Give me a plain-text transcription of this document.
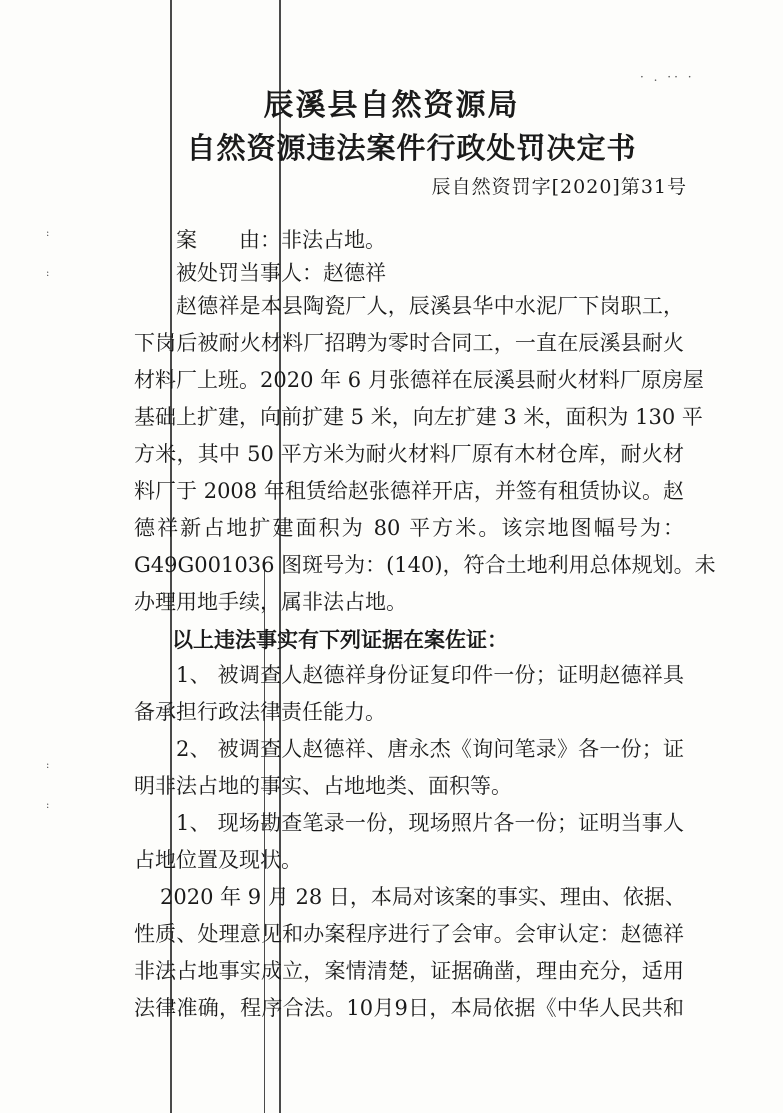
· . ·· ·
:
:
:
:
辰溪县自然资源局
自然资源违法案件行政处罚决定书
辰自然资罚字[2020]第31号
案　　由：非法占地。
被处罚当事人：赵德祥
赵德祥是本县陶瓷厂人，辰溪县华中水泥厂下岗职工，
下岗后被耐火材料厂招聘为零时合同工，一直在辰溪县耐火
材料厂上班。2020 年 6 月张德祥在辰溪县耐火材料厂原房屋
基础上扩建，向前扩建 5 米，向左扩建 3 米，面积为 130 平
方米，其中 50 平方米为耐火材料厂原有木材仓库，耐火材
料厂于 2008 年租赁给赵张德祥开店，并签有租赁协议。赵
德祥新占地扩建面积为 80 平方米。该宗地图幅号为：
G49G001036 图斑号为：(140)，符合土地利用总体规划。未
办理用地手续，属非法占地。
以上违法事实有下列证据在案佐证：
1、 被调查人赵德祥身份证复印件一份；证明赵德祥具
备承担行政法律责任能力。
2、 被调查人赵德祥、唐永杰《询问笔录》各一份；证
明非法占地的事实、占地地类、面积等。
1、 现场勘查笔录一份，现场照片各一份；证明当事人
占地位置及现状。
2020 年 9 月 28 日，本局对该案的事实、理由、依据、
性质、处理意见和办案程序进行了会审。会审认定：赵德祥
非法占地事实成立，案情清楚，证据确凿，理由充分，适用
法律准确，程序合法。10月9日，本局依据《中华人民共和
